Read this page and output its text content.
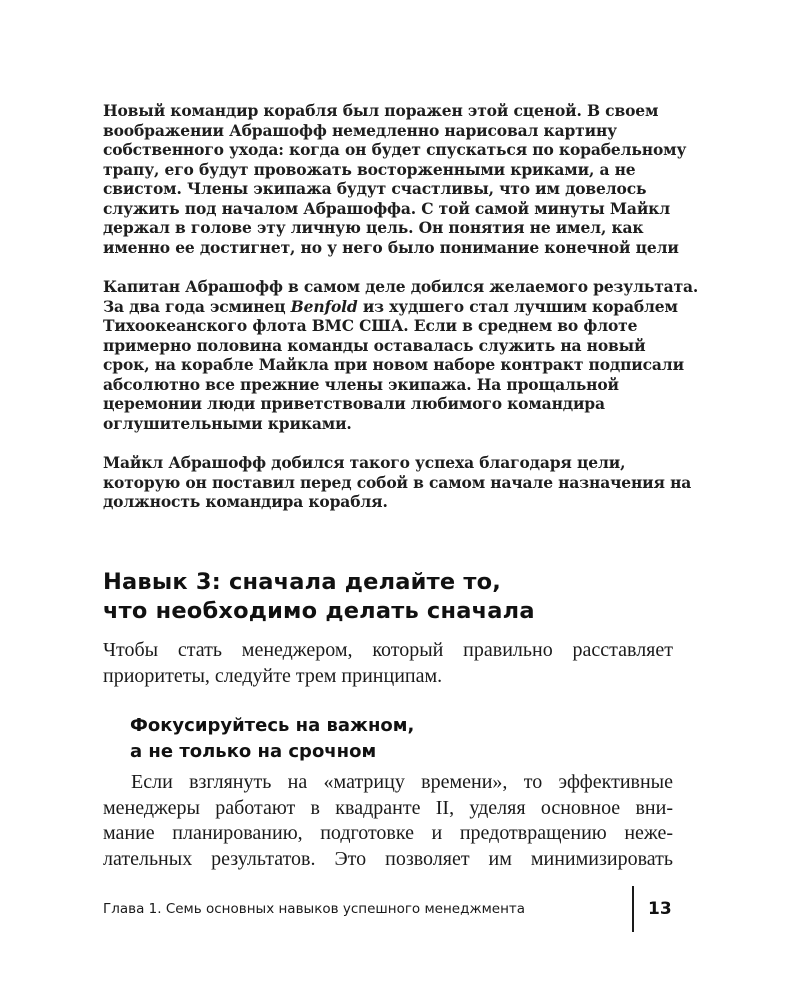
Новый командир корабля был поражен этой сценой. В своем
воображении Абрашофф немедленно нарисовал картину
собственного ухода: когда он будет спускаться по корабельному
трапу, его будут провожать восторженными криками, а не
свистом. Члены экипажа будут счастливы, что им довелось
служить под началом Абрашоффа. С той самой минуты Майкл
держал в голове эту личную цель. Он понятия не имел, как
именно ее достигнет, но у него было понимание конечной цели
Капитан Абрашофф в самом деле добился желаемого результата.
За два года эсминец Benfold из худшего стал лучшим кораблем
Тихоокеанского флота ВМС США. Если в среднем во флоте
примерно половина команды оставалась служить на новый
срок, на корабле Майкла при новом наборе контракт подписали
абсолютно все прежние члены экипажа. На прощальной
церемонии люди приветствовали любимого командира
оглушительными криками.
Майкл Абрашофф добился такого успеха благодаря цели,
которую он поставил перед собой в самом начале назначения на
должность командира корабля.
Навык 3: сначала делайте то,
что необходимо делать сначала
Чтобы стать менеджером, который правильно расставляет
приоритеты, следуйте трем принципам.
Фокусируйтесь на важном,
а не только на срочном
Если взглянуть на «матрицу времени», то эффективные
менеджеры работают в квадранте II, уделяя основное вни-
мание планированию, подготовке и предотвращению неже-
лательных результатов. Это позволяет им минимизировать
Глава 1. Семь основных навыков успешного менеджмента	13
